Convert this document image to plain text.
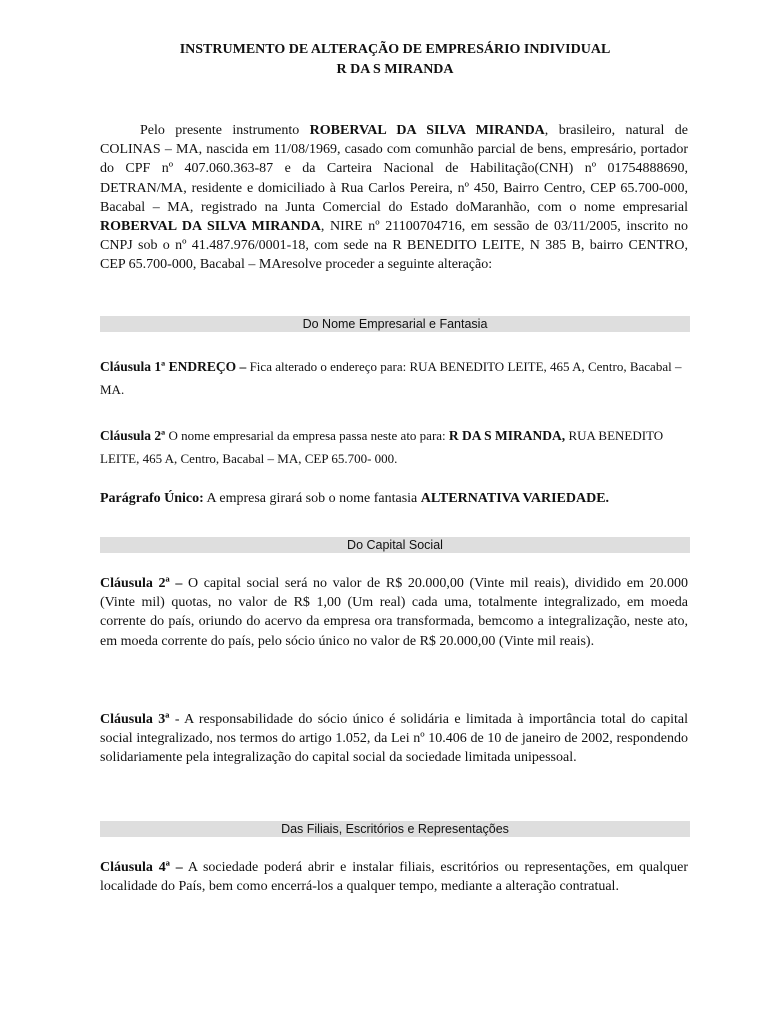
INSTRUMENTO DE ALTERAÇÃO DE EMPRESÁRIO INDIVIDUAL
R DA S MIRANDA
Pelo presente instrumento ROBERVAL DA SILVA MIRANDA, brasileiro, natural de COLINAS – MA, nascida em 11/08/1969, casado com comunhão parcial de bens, empresário, portador do CPF nº 407.060.363-87 e da Carteira Nacional de Habilitação(CNH) nº 01754888690, DETRAN/MA, residente e domiciliado à Rua Carlos Pereira, nº 450, Bairro Centro, CEP 65.700-000, Bacabal – MA, registrado na Junta Comercial do Estado doMaranhão, com o nome empresarial ROBERVAL DA SILVA MIRANDA, NIRE nº 21100704716, em sessão de 03/11/2005, inscrito no CNPJ sob o nº 41.487.976/0001-18, com sede na R BENEDITO LEITE, N 385 B, bairro CENTRO, CEP 65.700-000, Bacabal – MAresolve proceder a seguinte alteração:
Do Nome Empresarial e Fantasia
Cláusula 1ª ENDREÇO – Fica alterado o endereço para: RUA BENEDITO LEITE, 465 A, Centro, Bacabal – MA.
Cláusula 2ª O nome empresarial da empresa passa neste ato para: R DA S MIRANDA, RUA BENEDITO LEITE, 465 A, Centro, Bacabal – MA, CEP 65.700- 000.
Parágrafo Único: A empresa girará sob o nome fantasia ALTERNATIVA VARIEDADE.
Do Capital Social
Cláusula 2ª – O capital social será no valor de R$ 20.000,00 (Vinte mil reais), dividido em 20.000 (Vinte mil) quotas, no valor de R$ 1,00 (Um real) cada uma, totalmente integralizado, em moeda corrente do país, oriundo do acervo da empresa ora transformada, bemcomo a integralização, neste ato, em moeda corrente do país, pelo sócio único no valor de R$ 20.000,00 (Vinte mil reais).
Cláusula 3ª - A responsabilidade do sócio único é solidária e limitada à importância total do capital social integralizado, nos termos do artigo 1.052, da Lei nº 10.406 de 10 de janeiro de 2002, respondendo solidariamente pela integralização do capital social da sociedade limitada unipessoal.
Das Filiais, Escritórios e Representações
Cláusula 4ª – A sociedade poderá abrir e instalar filiais, escritórios ou representações, em qualquer localidade do País, bem como encerrá-los a qualquer tempo, mediante a alteração contratual.
